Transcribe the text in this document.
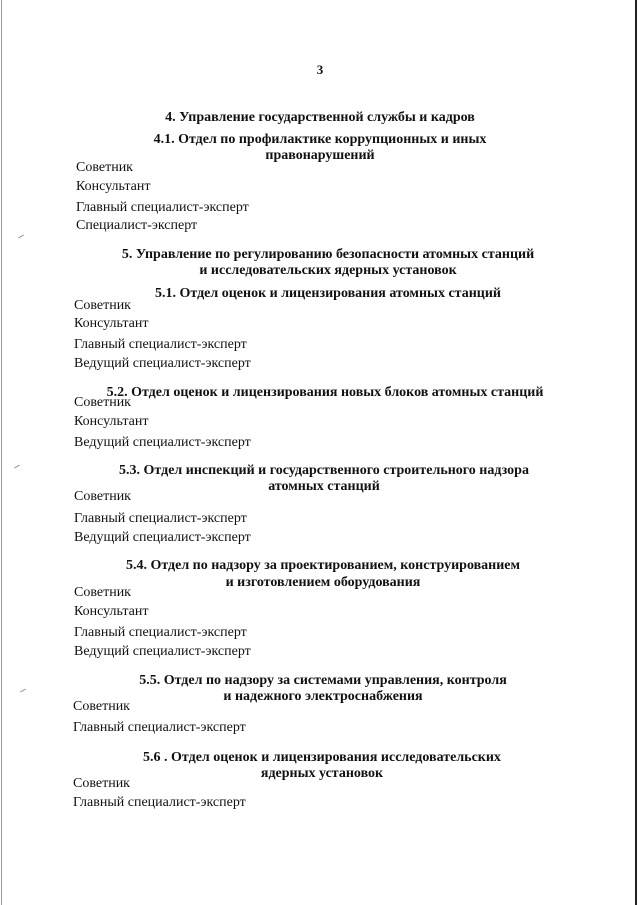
3
4. Управление государственной службы и кадров
4.1. Отдел по профилактике коррупционных и иных
правонарушений
Советник
Консультант
Главный специалист-эксперт
Специалист-эксперт
5. Управление по регулированию безопасности атомных станций
и исследовательских ядерных установок
5.1. Отдел оценок и лицензирования атомных станций
Советник
Консультант
Главный специалист-эксперт
Ведущий специалист-эксперт
5.2. Отдел оценок и лицензирования новых блоков атомных станций
Советник
Консультант
Ведущий специалист-эксперт
5.3. Отдел инспекций и государственного строительного надзора
атомных станций
Советник
Главный специалист-эксперт
Ведущий специалист-эксперт
5.4. Отдел по надзору за проектированием, конструированием
и изготовлением оборудования
Советник
Консультант
Главный специалист-эксперт
Ведущий специалист-эксперт
5.5. Отдел по надзору за системами управления, контроля
и надежного электроснабжения
Советник
Главный специалист-эксперт
5.6 . Отдел оценок и лицензирования исследовательских
ядерных установок
Советник
Главный специалист-эксперт
